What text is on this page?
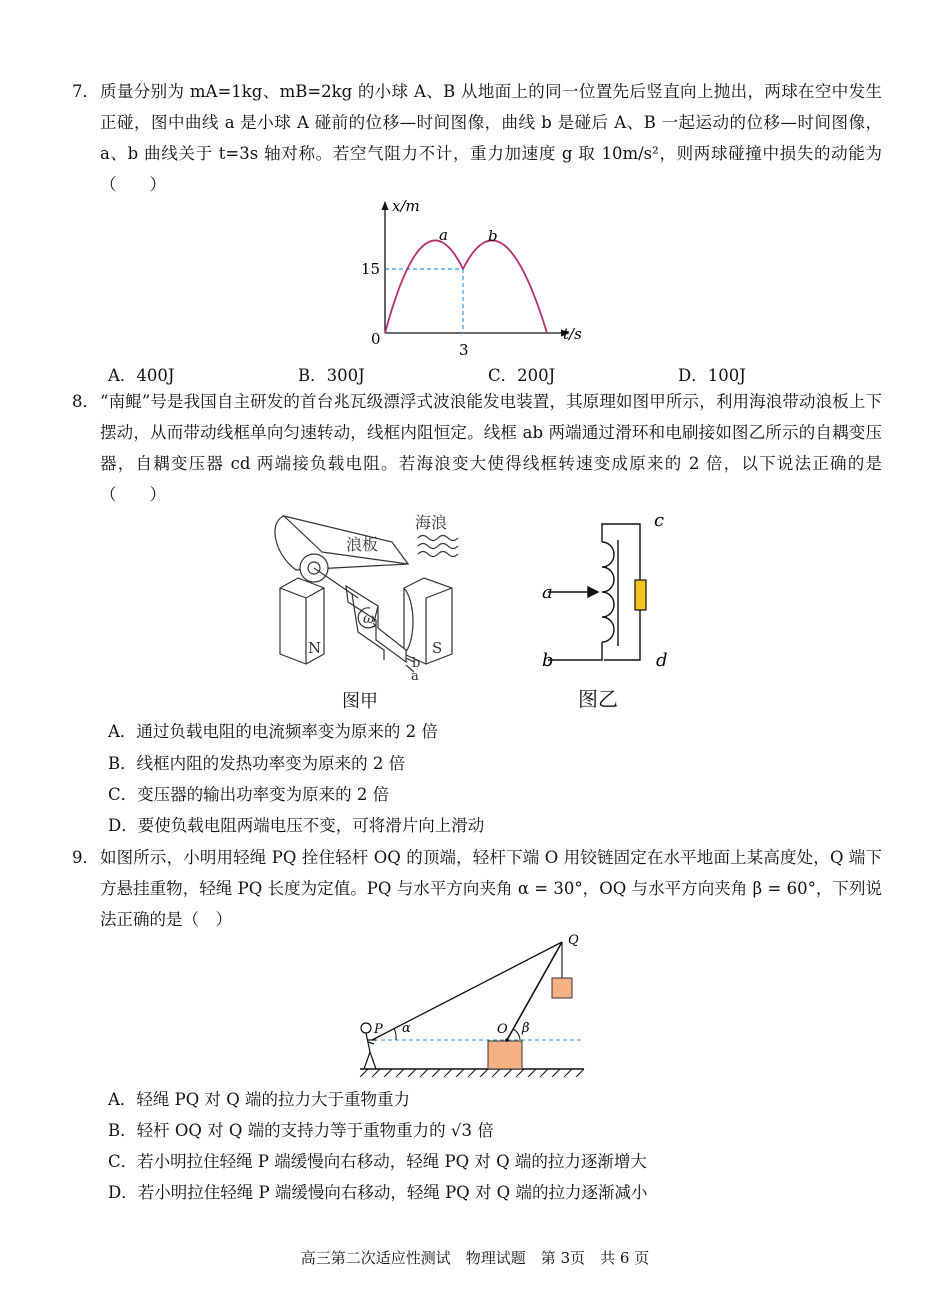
7． 质量分别为 mA=1kg、mB=2kg 的小球 A、B 从地面上的同一位置先后竖直向上抛出，两球在空中发生正碰，图中曲线 a 是小球 A 碰前的位移—时间图像，曲线 b 是碰后 A、B 一起运动的位移—时间图像，a、b 曲线关于 t=3s 轴对称。若空气阻力不计，重力加速度 g 取 10m/s²，则两球碰撞中损失的动能为（　　）
x/m
t/s
0
15
3
a	b
A．400J	B．300J	C．200J	D．100J
8． “南鲲”号是我国自主研发的首台兆瓦级漂浮式波浪能发电装置，其原理如图甲所示，利用海浪带动浪板上下摆动，从而带动线框单向匀速转动，线框内阻恒定。线框 ab 两端通过滑环和电刷接如图乙所示的自耦变压器，自耦变压器 cd 两端接负载电阻。若海浪变大使得线框转速变成原来的 2 倍，以下说法正确的是（　　）
海浪
浪板
N	S
ω
b
a
图甲
c
a
b	d
图乙
A．通过负载电阻的电流频率变为原来的 2 倍
B．线框内阻的发热功率变为原来的 2 倍
C．变压器的输出功率变为原来的 2 倍
D．要使负载电阻两端电压不变，可将滑片向上滑动
9． 如图所示，小明用轻绳 PQ 拴住轻杆 OQ 的顶端，轻杆下端 O 用铰链固定在水平地面上某高度处，Q 端下方悬挂重物，轻绳 PQ 长度为定值。PQ 与水平方向夹角 α = 30°，OQ 与水平方向夹角 β = 60°，下列说法正确的是（　）
P
Q
O
α	β
A．轻绳 PQ 对 Q 端的拉力大于重物重力
B．轻杆 OQ 对 Q 端的支持力等于重物重力的 √3 倍
C．若小明拉住轻绳 P 端缓慢向右移动，轻绳 PQ 对 Q 端的拉力逐渐增大
D．若小明拉住轻绳 P 端缓慢向右移动，轻绳 PQ 对 Q 端的拉力逐渐减小
高三第二次适应性测试　物理试题　第 3页　共 6 页
